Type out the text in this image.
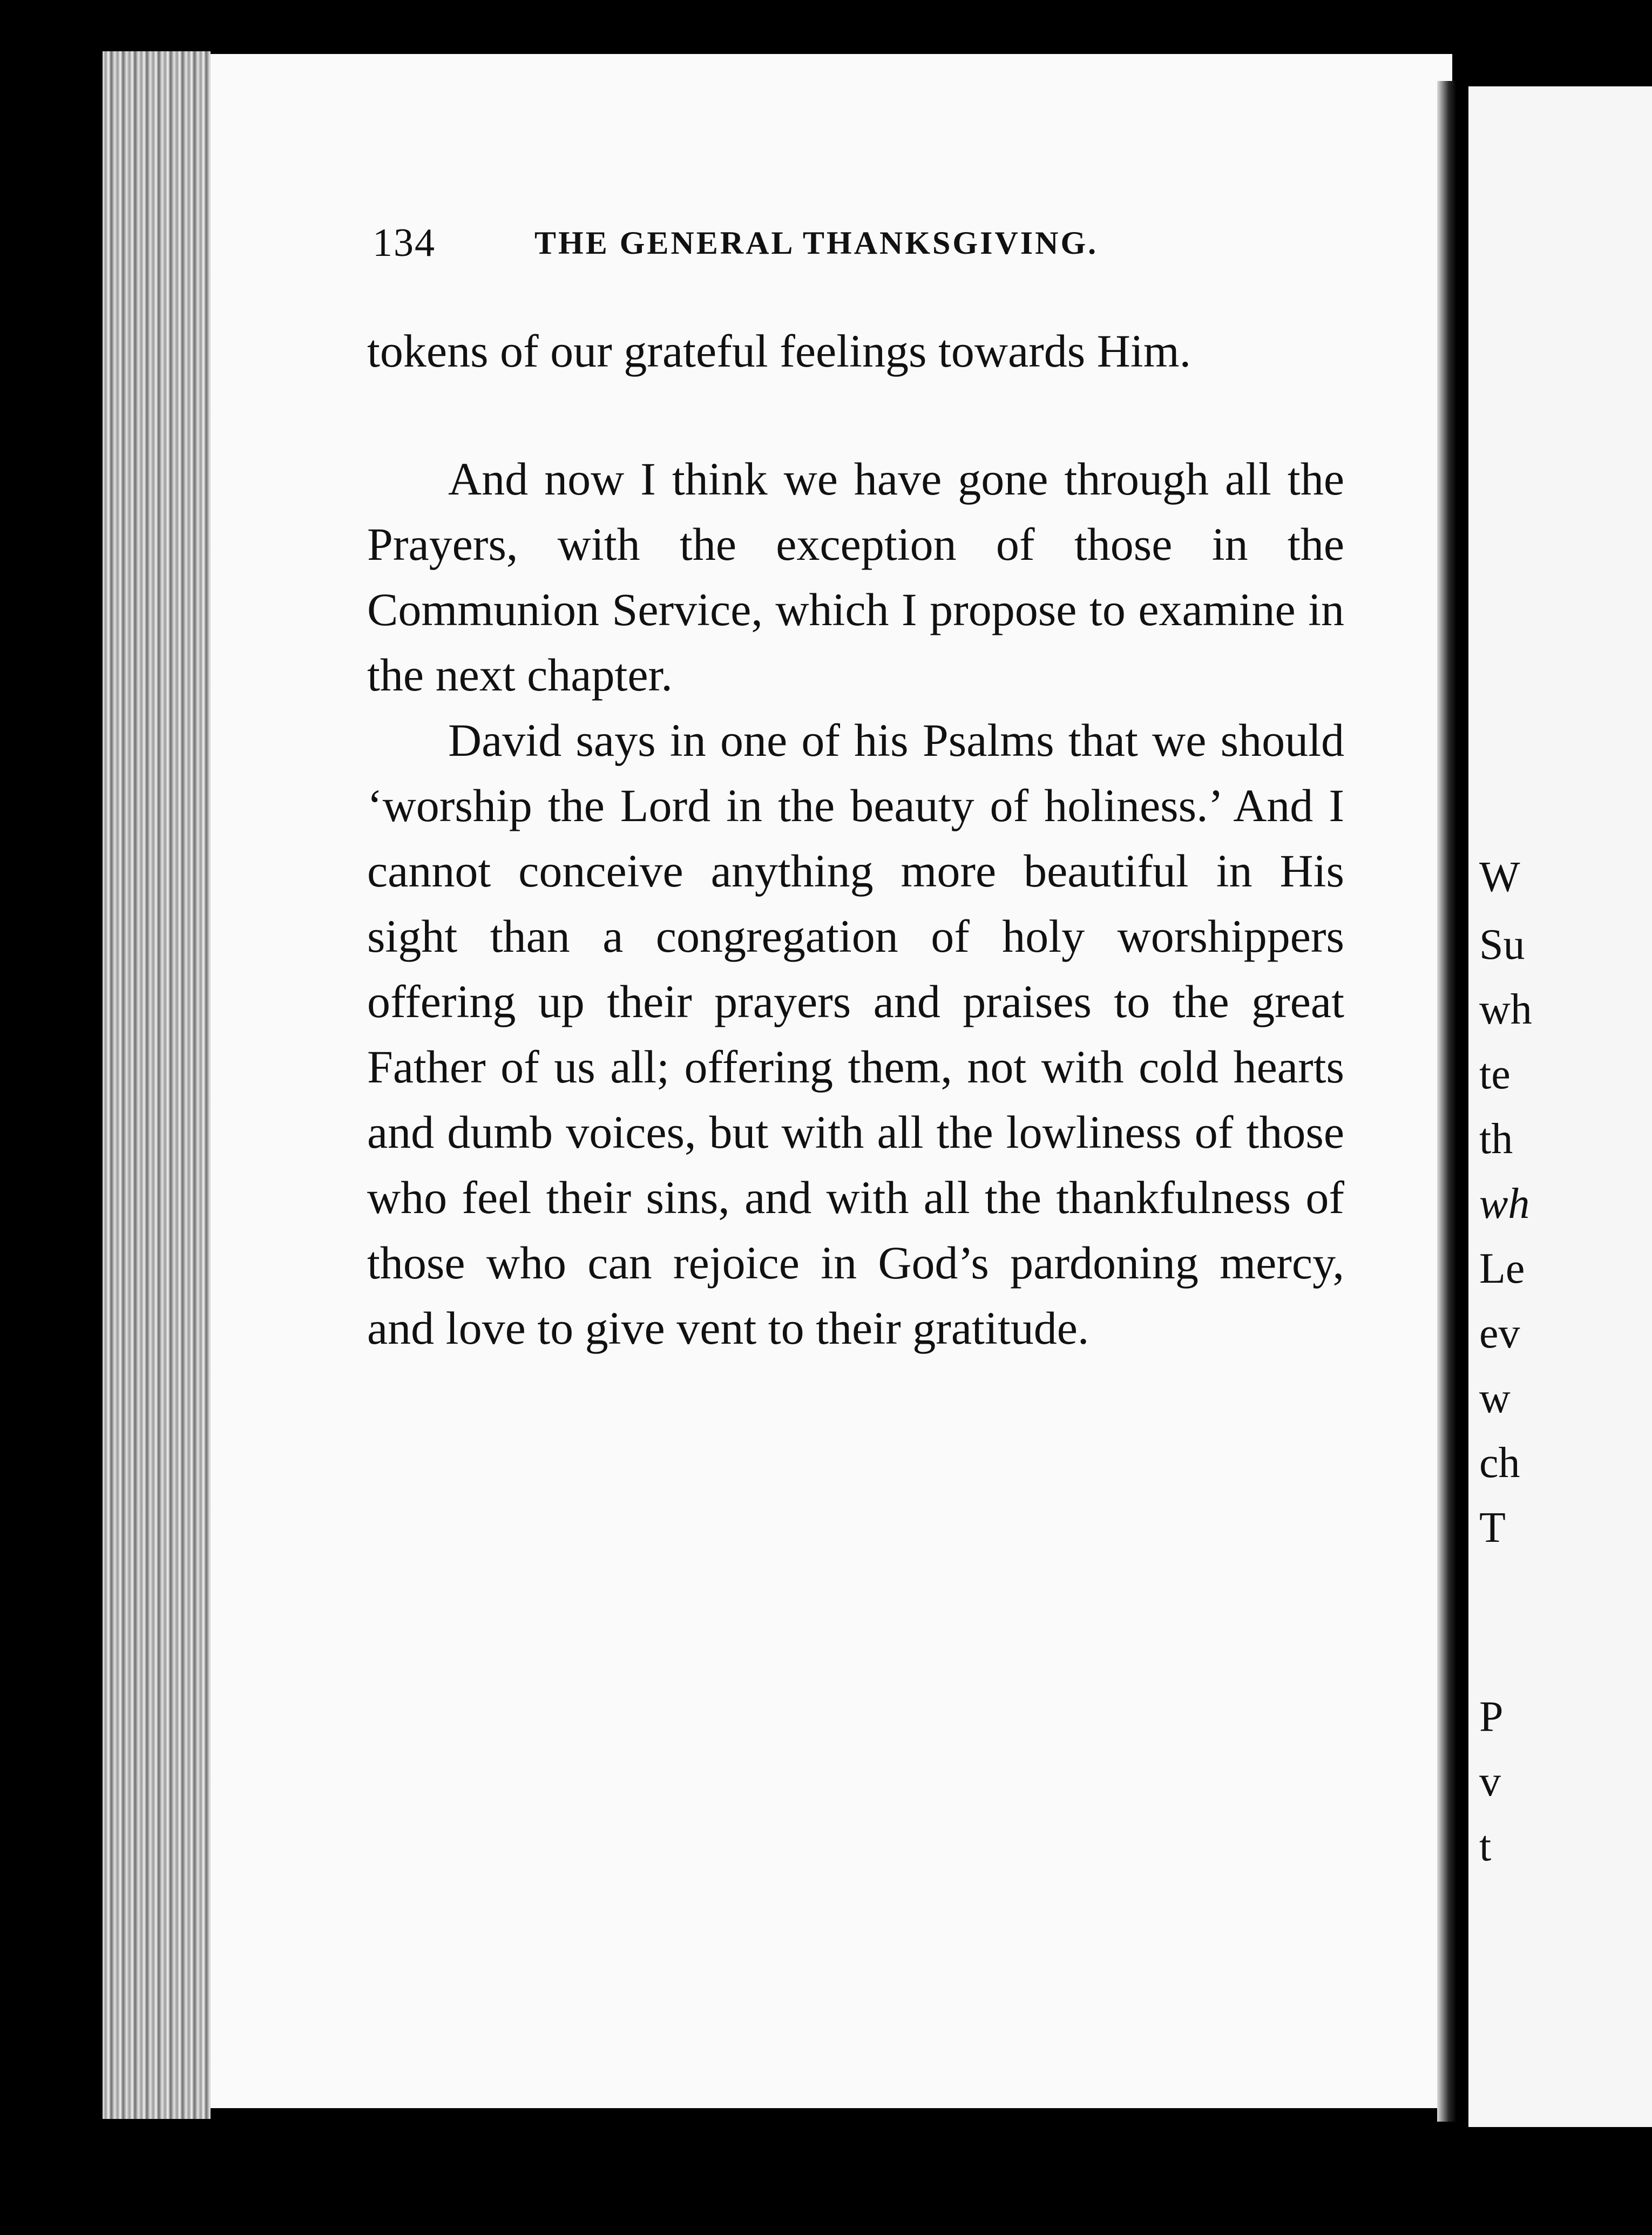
134	THE GENERAL THANKSGIVING.

tokens of our grateful feelings towards Him.

And now I think we have gone through all the Prayers, with the exception of those in the Communion Service, which I propose to examine in the next chapter.

David says in one of his Psalms that we should ‘worship the Lord in the beauty of holiness.’ And I cannot conceive anything more beautiful in His sight than a congregation of holy worshippers offering up their prayers and praises to the great Father of us all; offering them, not with cold hearts and dumb voices, but with all the lowliness of those who feel their sins, and with all the thankfulness of those who can rejoice in God’s pardoning mercy, and love to give vent to their gratitude.

W
Su
wh
te
th
wh
Le
ev
w
ch
T
P
v
t
